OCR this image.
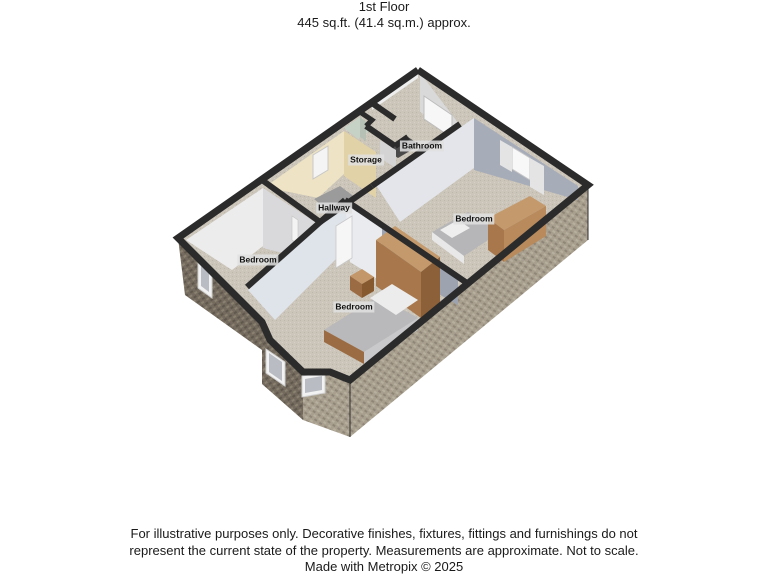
1st Floor
445 sq.ft. (41.4 sq.m.) approx.
Bathroom
Storage
Hallway
Bedroom
Bedroom
Bedroom
For illustrative purposes only. Decorative finishes, fixtures, fittings and furnishings do not
represent the current state of the property. Measurements are approximate. Not to scale.
Made with Metropix © 2025
